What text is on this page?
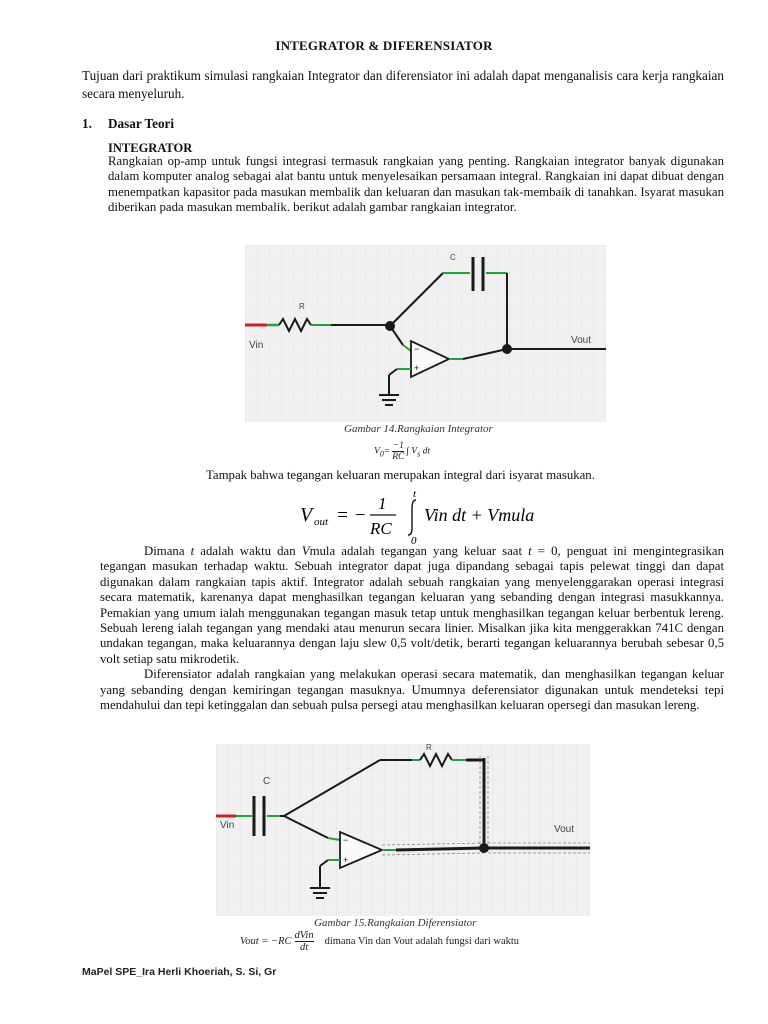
INTEGRATOR & DIFERENSIATOR
Tujuan dari praktikum simulasi rangkaian Integrator dan diferensiator ini adalah dapat menganalisis cara kerja rangkaian secara menyeluruh.
1. Dasar Teori
INTEGRATOR
Rangkaian op-amp untuk fungsi integrasi termasuk rangkaian yang penting. Rangkaian integrator banyak digunakan dalam komputer analog sebagai alat bantu untuk menyelesaikan persamaan integral. Rangkaian ini dapat dibuat dengan menempatkan kapasitor pada masukan membalik dan keluaran dan masukan tak-membaik di tanahkan. Isyarat masukan diberikan pada masukan membalik. berikut adalah gambar rangkaian integrator.
−
+
R
C
Vin	Vout
Gambar 14.Rangkaian Integrator
$V_0= \frac{-1}{RC}$ ∫ $V_s$ dt
Tampak bahwa tegangan keluaran merupakan integral dari isyarat masukan.
V out = −
1
RC
t
0
Vin dt + Vmula
Dimana t adalah waktu dan Vmula adalah tegangan yang keluar saat t = 0, penguat ini mengintegrasikan tegangan masukan terhadap waktu. Sebuah integrator dapat juga dipandang sebagai tapis pelewat tinggi dan dapat digunakan dalam rangkaian tapis aktif. Integrator adalah sebuah rangkaian yang menyelenggarakan operasi integrasi secara matematik, karenanya dapat menghasilkan tegangan keluaran yang sebanding dengan integrasi masukkannya. Pemakian yang umum ialah menggunakan tegangan masuk tetap untuk menghasilkan tegangan keluar berbentuk lereng. Sebuah lereng ialah tegangan yang mendaki atau menurun secara linier. Misalkan jika kita menggerakkan 741C dengan undakan tegangan, maka keluarannya dengan laju slew 0,5 volt/detik, berarti tegangan keluarannya berubah sebesar 0,5 volt setiap satu mikrodetik.
Diferensiator adalah rangkaian yang melakukan operasi secara matematik, dan menghasilkan tegangan keluar yang sebanding dengan kemiringan tegangan masuknya. Umumnya deferensiator digunakan untuk mendeteksi tepi mendahului dan tepi ketinggalan dan sebuah pulsa persegi atau menghasilkan keluaran opersegi dan masukan lereng.
−
+
R
C
Vin	Vout
Gambar 15.Rangkaian Diferensiator
Vout = −RC
dVin
dt
dimana Vin dan Vout adalah fungsi dari waktu
MaPel SPE_Ira Herli Khoeriah, S. Si, Gr
